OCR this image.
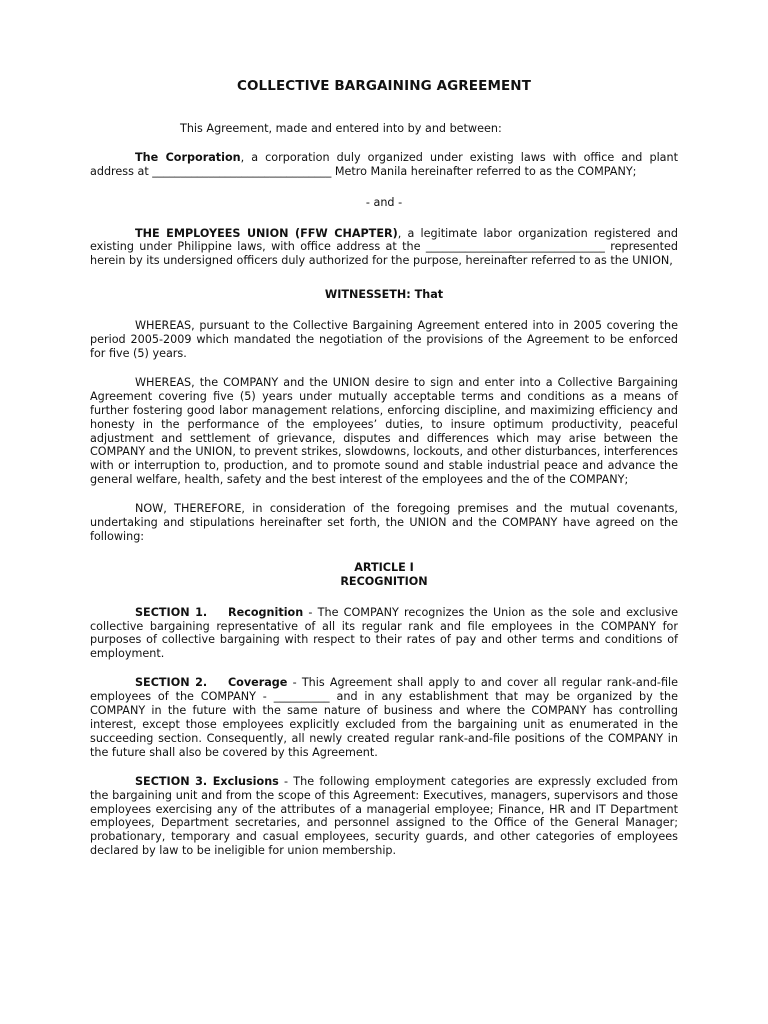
COLLECTIVE BARGAINING AGREEMENT

This Agreement, made and entered into by and between:

The Corporation, a corporation duly organized under existing laws with office and plant address at ________________________________ Metro Manila hereinafter referred to as the COMPANY;

- and -

THE EMPLOYEES UNION (FFW CHAPTER), a legitimate labor organization registered and existing under Philippine laws, with office address at the ________________________________ represented herein by its undersigned officers duly authorized for the purpose, hereinafter referred to as the UNION,

WITNESSETH: That

WHEREAS, pursuant to the Collective Bargaining Agreement entered into in 2005 covering the period 2005-2009 which mandated the negotiation of the provisions of the Agreement to be enforced for five (5) years.

WHEREAS, the COMPANY and the UNION desire to sign and enter into a Collective Bargaining Agreement covering five (5) years under mutually acceptable terms and conditions as a means of further fostering good labor management relations, enforcing discipline, and maximizing efficiency and honesty in the performance of the employees’ duties, to insure optimum productivity, peaceful adjustment and settlement of grievance, disputes and differences which may arise between the COMPANY and the UNION, to prevent strikes, slowdowns, lockouts, and other disturbances, interferences with or interruption to, production, and to promote sound and stable industrial peace and advance the general welfare, health, safety and the best interest of the employees and the of the COMPANY;

NOW, THEREFORE, in consideration of the foregoing premises and the mutual covenants, undertaking and stipulations hereinafter set forth, the UNION and the COMPANY have agreed on the following:

ARTICLE I

RECOGNITION

SECTION 1. Recognition - The COMPANY recognizes the Union as the sole and exclusive collective bargaining representative of all its regular rank and file employees in the COMPANY for purposes of collective bargaining with respect to their rates of pay and other terms and conditions of employment.

SECTION 2. Coverage - This Agreement shall apply to and cover all regular rank-and-file employees of the COMPANY - __________ and in any establishment that may be organized by the COMPANY in the future with the same nature of business and where the COMPANY has controlling interest, except those employees explicitly excluded from the bargaining unit as enumerated in the succeeding section. Consequently, all newly created regular rank-and-file positions of the COMPANY in the future shall also be covered by this Agreement.

SECTION 3. Exclusions - The following employment categories are expressly excluded from the bargaining unit and from the scope of this Agreement: Executives, managers, supervisors and those employees exercising any of the attributes of a managerial employee; Finance, HR and IT Department employees, Department secretaries, and personnel assigned to the Office of the General Manager; probationary, temporary and casual employees, security guards, and other categories of employees declared by law to be ineligible for union membership.
